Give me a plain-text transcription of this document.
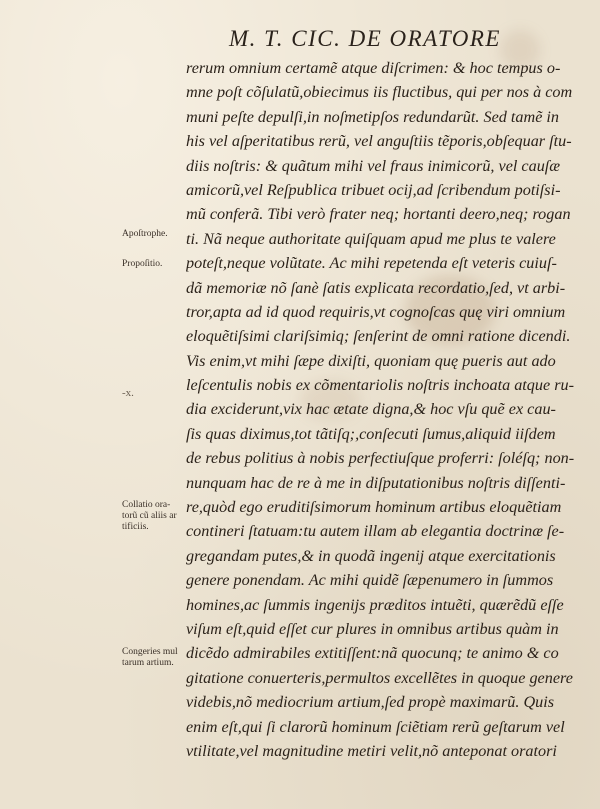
M. T. CIC. DE ORATORE
rerum omnium certamẽ atque diſcrimen: & hoc tempus o-
mne poſt cõſulatũ,obiecimus iis fluctibus, qui per nos à com
muni peſte depulſi,in noſmetipſos redundarũt. Sed tamẽ in
his vel aſperitatibus rerũ, vel anguſtiis tẽporis,obſequar ſtu-
diis noſtris: & quãtum mihi vel fraus inimicorũ, vel cauſæ
amicorũ,vel Reſpublica tribuet ocij,ad ſcribendum potiſsi-
mũ conferã. Tibi verò frater neq; hortanti deero,neq; rogan
ti. Nã neque authoritate quiſquam apud me plus te valere
poteſt,neque volũtate. Ac mihi repetenda eſt veteris cuiuſ-
dã memoriæ nõ ſanè ſatis explicata recordatio,ſed, vt arbi-
tror,apta ad id quod requiris,vt cognoſcas quę viri omnium
eloquẽtiſsimi clariſsimiq; ſenſerint de omni ratione dicendi.
Vis enim,vt mihi ſæpe dixiſti, quoniam quę pueris aut ado
leſcentulis nobis ex cõmentariolis noſtris inchoata atque ru-
dia exciderunt,vix hac ætate digna,& hoc vſu quẽ ex cau-
ſis quas diximus,tot tãtiſq;,conſecuti ſumus,aliquid iiſdem
de rebus politius à nobis perfectiuſque proferri: ſoléſq; non-
nunquam hac de re à me in diſputationibus noſtris diſſenti-
re,quòd ego eruditiſsimorum hominum artibus eloquẽtiam
contineri ſtatuam:tu autem illam ab elegantia doctrinæ ſe-
gregandam putes,& in quodã ingenij atque exercitationis
genere ponendam. Ac mihi quidẽ ſæpenumero in ſummos
homines,ac ſummis ingenijs præditos intuẽti, quærẽdũ eſſe
viſum eſt,quid eſſet cur plures in omnibus artibus quàm in
dicẽdo admirabiles extitiſſent:nã quocunq; te animo & co
gitatione conuerteris,permultos excellẽtes in quoque genere
videbis,nõ mediocrium artium,ſed propè maximarũ. Quis
enim eſt,qui ſi clarorũ hominum ſciẽtiam rerũ geſtarum vel
vtilitate,vel magnitudine metiri velit,nõ anteponat oratori
Apoſtrophe.
Propoſitio.
Collatio ora-
torũ cũ aliis ar
tificiis.
Congeries mul
tarum artium.
-x.
